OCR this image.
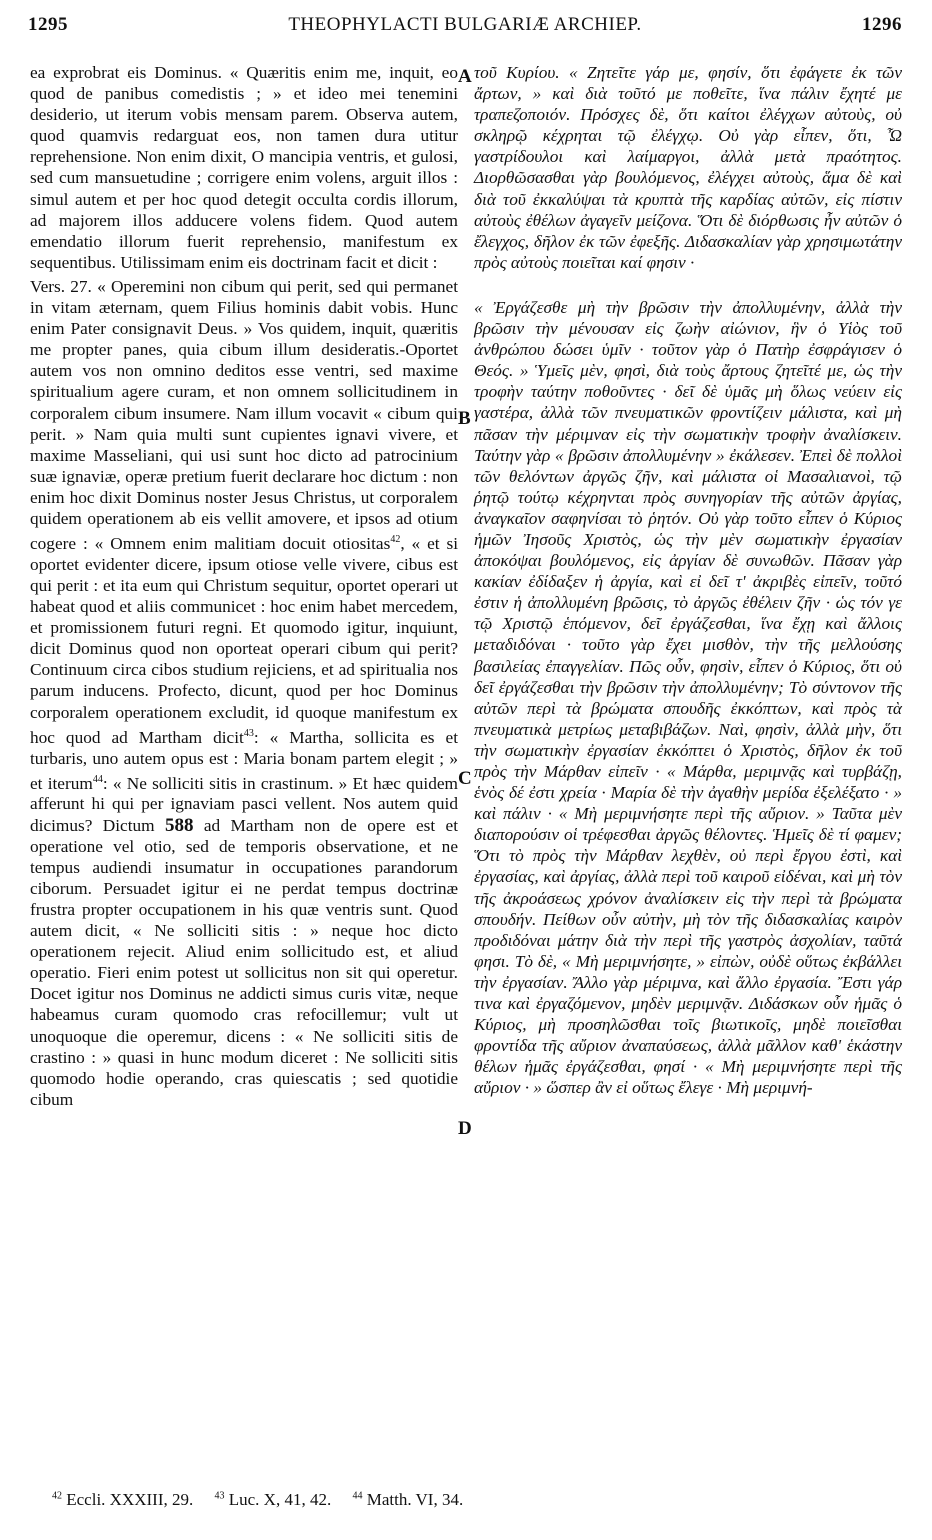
1295	THEOPHYLACTI BULGARIÆ ARCHIEP.	1296

ea exprobrat eis Dominus. « Quæritis enim me, inquit, eo quod de panibus comedistis ; » et ideo mei tenemini desiderio, ut iterum vobis mensam parem. Observa autem, quod quamvis redarguat eos, non tamen dura utitur reprehensione. Non enim dixit, O mancipia ventris, et gulosi, sed cum mansuetudine ; corrigere enim volens, arguit illos : simul autem et per hoc quod detegit occulta cordis illorum, ad majorem illos adducere volens fidem. Quod autem emendatio illorum fuerit reprehensio, manifestum ex sequentibus. Utilissimam enim eis doctrinam facit et dicit :

Vers. 27. « Operemini non cibum qui perit, sed qui permanet in vitam æternam, quem Filius hominis dabit vobis. Hunc enim Pater consignavit Deus. » Vos quidem, inquit, quæritis me propter panes, quia cibum illum desideratis.-Oportet autem vos non omnino deditos esse ventri, sed maxime spiritualium agere curam, et non omnem sollicitudinem in corporalem cibum insumere. Nam illum vocavit « cibum qui perit. » Nam quia multi sunt cupientes ignavi vivere, et maxime Masseliani, qui usi sunt hoc dicto ad patrocinium suæ ignaviæ, operæ pretium fuerit declarare hoc dictum : non enim hoc dixit Dominus noster Jesus Christus, ut corporalem quidem operationem ab eis vellit amovere, et ipsos ad otium cogere : « Omnem enim malitiam docuit otiositas$^{42}$, « et si oportet evidenter dicere, ipsum otiose velle vivere, cibus est qui perit : et ita eum qui Christum sequitur, oportet operari ut habeat quod et aliis communicet : hoc enim habet mercedem, et promissionem futuri regni. Et quomodo igitur, inquiunt, dicit Dominus quod non oporteat operari cibum qui perit? Continuum circa cibos studium rejiciens, et ad spiritualia nos parum inducens. Profecto, dicunt, quod per hoc Dominus corporalem operationem excludit, id quoque manifestum ex hoc quod ad Martham dicit$^{43}$: « Martha, sollicita es et turbaris, uno autem opus est : Maria bonam partem elegit ; » et iterum$^{44}$: « Ne solliciti sitis in crastinum. » Et hæc quidem afferunt hi qui per ignaviam pasci vellent. Nos autem quid dicimus? Dictum 588 ad Martham non de opere est et operatione vel otio, sed de temporis observatione, et ne tempus audiendi insumatur in occupationes parandorum ciborum. Persuadet igitur ei ne perdat tempus doctrinæ frustra propter occupationem in his quæ ventris sunt. Quod autem dicit, « Ne solliciti sitis : » neque hoc dicto operationem rejecit. Aliud enim sollicitudo est, et aliud operatio. Fieri enim potest ut sollicitus non sit qui operetur. Docet igitur nos Dominus ne addicti simus curis vitæ, neque habeamus curam quomodo cras refocillemur; vult ut unoquoque die operemur, dicens : « Ne solliciti sitis de crastino : » quasi in hunc modum diceret : Ne solliciti sitis quomodo hodie operando, cras quiescatis ; sed quotidie cibum

A
B
C
D

τοῦ Κυρίου. « Ζητεῖτε γάρ με, φησίν, ὅτι ἐφάγετε ἐκ τῶν ἄρτων, » καὶ διὰ τοῦτό με ποθεῖτε, ἵνα πάλιν ἔχητέ με τραπεζοποιόν. Πρόσχες δὲ, ὅτι καίτοι ἐλέγχων αὐτοὺς, οὐ σκληρῷ κέχρηται τῷ ἐλέγχῳ. Οὐ γὰρ εἶπεν, ὅτι, Ὦ γαστρίδουλοι καὶ λαίμαργοι, ἀλλὰ μετὰ πραότητος. Διορθῶσασθαι γὰρ βουλόμενος, ἐλέγχει αὐτοὺς, ἅμα δὲ καὶ διὰ τοῦ ἐκκαλύψαι τὰ κρυπτὰ τῆς καρδίας αὐτῶν, εἰς πίστιν αὐτοὺς ἐθέλων ἀγαγεῖν μείζονα. Ὅτι δὲ διόρθωσις ἦν αὐτῶν ὁ ἔλεγχος, δῆλον ἐκ τῶν ἐφεξῆς. Διδασκαλίαν γὰρ χρησιμωτάτην πρὸς αὐτοὺς ποιεῖται καί φησιν ·

« Ἐργάζεσθε μὴ τὴν βρῶσιν τὴν ἀπολλυμένην, ἀλλὰ τὴν βρῶσιν τὴν μένουσαν εἰς ζωὴν αἰώνιον, ἣν ὁ Υἱὸς τοῦ ἀνθρώπου δώσει ὑμῖν · τοῦτον γὰρ ὁ Πατὴρ ἐσφράγισεν ὁ Θεός. » Ὑμεῖς μὲν, φησὶ, διὰ τοὺς ἄρτους ζητεῖτέ με, ὡς τὴν τροφὴν ταύτην ποθοῦντες · δεῖ δὲ ὑμᾶς μὴ ὅλως νεύειν εἰς γαστέρα, ἀλλὰ τῶν πνευματικῶν φροντίζειν μάλιστα, καὶ μὴ πᾶσαν τὴν μέριμναν εἰς τὴν σωματικὴν τροφὴν ἀναλίσκειν. Ταύτην γὰρ « βρῶσιν ἀπολλυμένην » ἐκάλεσεν. Ἐπεὶ δὲ πολλοὶ τῶν θελόντων ἀργῶς ζῆν, καὶ μάλιστα οἱ Μασαλιανοὶ, τῷ ῥητῷ τούτῳ κέχρηνται πρὸς συνηγορίαν τῆς αὐτῶν ἀργίας, ἀναγκαῖον σαφηνίσαι τὸ ῥητόν. Οὐ γὰρ τοῦτο εἶπεν ὁ Κύριος ἡμῶν Ἰησοῦς Χριστὸς, ὡς τὴν μὲν σωματικὴν ἐργασίαν ἀποκόψαι βουλόμενος, εἰς ἀργίαν δὲ συνωθῶν. Πᾶσαν γὰρ κακίαν ἐδίδαξεν ἡ ἀργία, καὶ εἰ δεῖ τ' ἀκριβὲς εἰπεῖν, τοῦτό ἐστιν ἡ ἀπολλυμένη βρῶσις, τὸ ἀργῶς ἐθέλειν ζῆν · ὡς τόν γε τῷ Χριστῷ ἑπόμενον, δεῖ ἐργάζεσθαι, ἵνα ἔχῃ καὶ ἄλλοις μεταδιδόναι · τοῦτο γὰρ ἔχει μισθὸν, τὴν τῆς μελλούσης βασιλείας ἐπαγγελίαν. Πῶς οὖν, φησὶν, εἶπεν ὁ Κύριος, ὅτι οὐ δεῖ ἐργάζεσθαι τὴν βρῶσιν τὴν ἀπολλυμένην; Τὸ σύντονον τῆς αὐτῶν περὶ τὰ βρώματα σπουδῆς ἐκκόπτων, καὶ πρὸς τὰ πνευματικὰ μετρίως μεταβιβάζων. Ναὶ, φησὶν, ἀλλὰ μὴν, ὅτι τὴν σωματικὴν ἐργασίαν ἐκκόπτει ὁ Χριστὸς, δῆλον ἐκ τοῦ πρὸς τὴν Μάρθαν εἰπεῖν · « Μάρθα, μεριμνᾷς καὶ τυρβάζῃ, ἑνὸς δέ ἐστι χρεία · Μαρία δὲ τὴν ἀγαθὴν μερίδα ἐξελέξατο · » καὶ πάλιν · « Μὴ μεριμνήσητε περὶ τῆς αὔριον. » Ταῦτα μὲν διαπορούσιν οἱ τρέφεσθαι ἀργῶς θέλοντες. Ἡμεῖς δὲ τί φαμεν; Ὅτι τὸ πρὸς τὴν Μάρθαν λεχθὲν, οὐ περὶ ἔργου ἐστὶ, καὶ ἐργασίας, καὶ ἀργίας, ἀλλὰ περὶ τοῦ καιροῦ εἰδέναι, καὶ μὴ τὸν τῆς ἀκροάσεως χρόνον ἀναλίσκειν εἰς τὴν περὶ τὰ βρώματα σπουδήν. Πείθων οὖν αὐτὴν, μὴ τὸν τῆς διδασκαλίας καιρὸν προδιδόναι μάτην διὰ τὴν περὶ τῆς γαστρὸς ἀσχολίαν, ταῦτά φησι. Τὸ δὲ, « Μὴ μεριμνήσητε, » εἰπὼν, οὐδὲ οὕτως ἐκβάλλει τὴν ἐργασίαν. Ἄλλο γὰρ μέριμνα, καὶ ἄλλο ἐργασία. Ἔστι γάρ τινα καὶ ἐργαζόμενον, μηδὲν μεριμνᾷν. Διδάσκων οὖν ἡμᾶς ὁ Κύριος, μὴ προσηλῶσθαι τοῖς βιωτικοῖς, μηδὲ ποιεῖσθαι φροντίδα τῆς αὔριον ἀναπαύσεως, ἀλλὰ μᾶλλον καθ' ἑκάστην θέλων ἡμᾶς ἐργάζεσθαι, φησί · « Μὴ μεριμνήσητε περὶ τῆς αὔριον · » ὥσπερ ἂν εἰ οὕτως ἔλεγε · Μὴ μεριμνή-

$^{42}$ Eccli. XXXIII, 29. $^{43}$ Luc. X, 41, 42. $^{44}$ Matth. VI, 34.
